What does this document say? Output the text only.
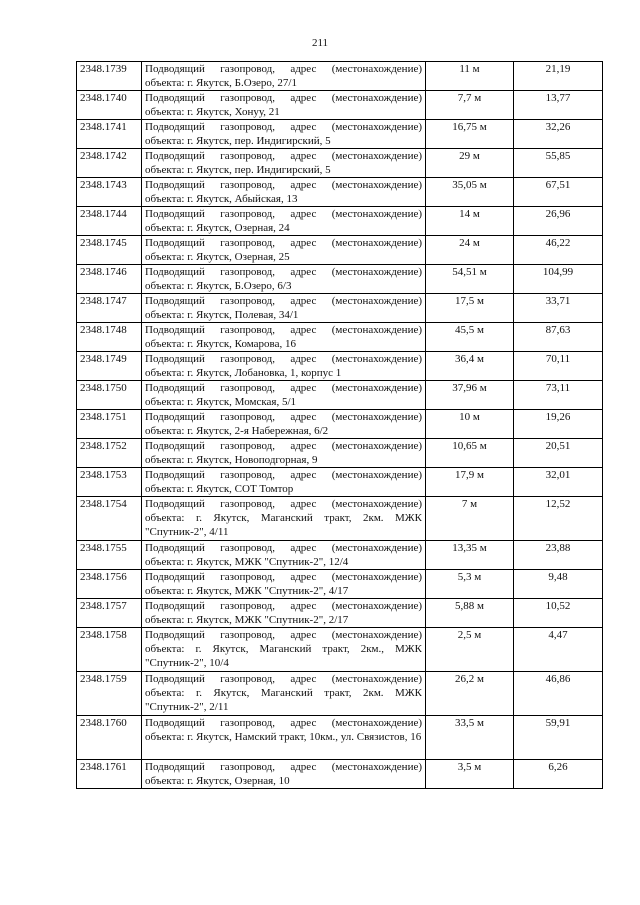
211
2348.1739	Подводящий газопровод, адрес (местонахождение) объекта: г. Якутск, Б.Озеро, 27/1	11 м	21,19
2348.1740	Подводящий газопровод, адрес (местонахождение) объекта: г. Якутск, Хонуу, 21	7,7 м	13,77
2348.1741	Подводящий газопровод, адрес (местонахождение) объекта: г. Якутск, пер. Индигирский, 5	16,75 м	32,26
2348.1742	Подводящий газопровод, адрес (местонахождение) объекта: г. Якутск, пер. Индигирский, 5	29 м	55,85
2348.1743	Подводящий газопровод, адрес (местонахождение) объекта: г. Якутск, Абыйская, 13	35,05 м	67,51
2348.1744	Подводящий газопровод, адрес (местонахождение) объекта: г. Якутск, Озерная, 24	14 м	26,96
2348.1745	Подводящий газопровод, адрес (местонахождение) объекта: г. Якутск, Озерная, 25	24 м	46,22
2348.1746	Подводящий газопровод, адрес (местонахождение) объекта: г. Якутск, Б.Озеро, 6/3	54,51 м	104,99
2348.1747	Подводящий газопровод, адрес (местонахождение) объекта: г. Якутск, Полевая, 34/1	17,5 м	33,71
2348.1748	Подводящий газопровод, адрес (местонахождение) объекта: г. Якутск, Комарова, 16	45,5 м	87,63
2348.1749	Подводящий газопровод, адрес (местонахождение) объекта: г. Якутск, Лобановка, 1, корпус 1	36,4 м	70,11
2348.1750	Подводящий газопровод, адрес (местонахождение) объекта: г. Якутск, Момская, 5/1	37,96 м	73,11
2348.1751	Подводящий газопровод, адрес (местонахождение) объекта: г. Якутск, 2-я Набережная, 6/2	10 м	19,26
2348.1752	Подводящий газопровод, адрес (местонахождение) объекта: г. Якутск, Новоподгорная, 9	10,65 м	20,51
2348.1753	Подводящий газопровод, адрес (местонахождение) объекта: г. Якутск, СОТ Томтор	17,9 м	32,01
2348.1754	Подводящий газопровод, адрес (местонахождение) объекта: г. Якутск, Маганский тракт, 2км. МЖК "Спутник-2", 4/11	7 м	12,52
2348.1755	Подводящий газопровод, адрес (местонахождение) объекта: г. Якутск, МЖК "Спутник-2", 12/4	13,35 м	23,88
2348.1756	Подводящий газопровод, адрес (местонахождение) объекта: г. Якутск, МЖК "Спутник-2", 4/17	5,3 м	9,48
2348.1757	Подводящий газопровод, адрес (местонахождение) объекта: г. Якутск, МЖК "Спутник-2", 2/17	5,88 м	10,52
2348.1758	Подводящий газопровод, адрес (местонахождение) объекта: г. Якутск, Маганский тракт, 2км., МЖК "Спутник-2", 10/4	2,5 м	4,47
2348.1759	Подводящий газопровод, адрес (местонахождение) объекта: г. Якутск, Маганский тракт, 2км. МЖК "Спутник-2", 2/11	26,2 м	46,86
2348.1760	Подводящий газопровод, адрес (местонахождение) объекта: г. Якутск, Намский тракт, 10км., ул. Связистов, 16	33,5 м	59,91
2348.1761	Подводящий газопровод, адрес (местонахождение) объекта: г. Якутск, Озерная, 10	3,5 м	6,26
